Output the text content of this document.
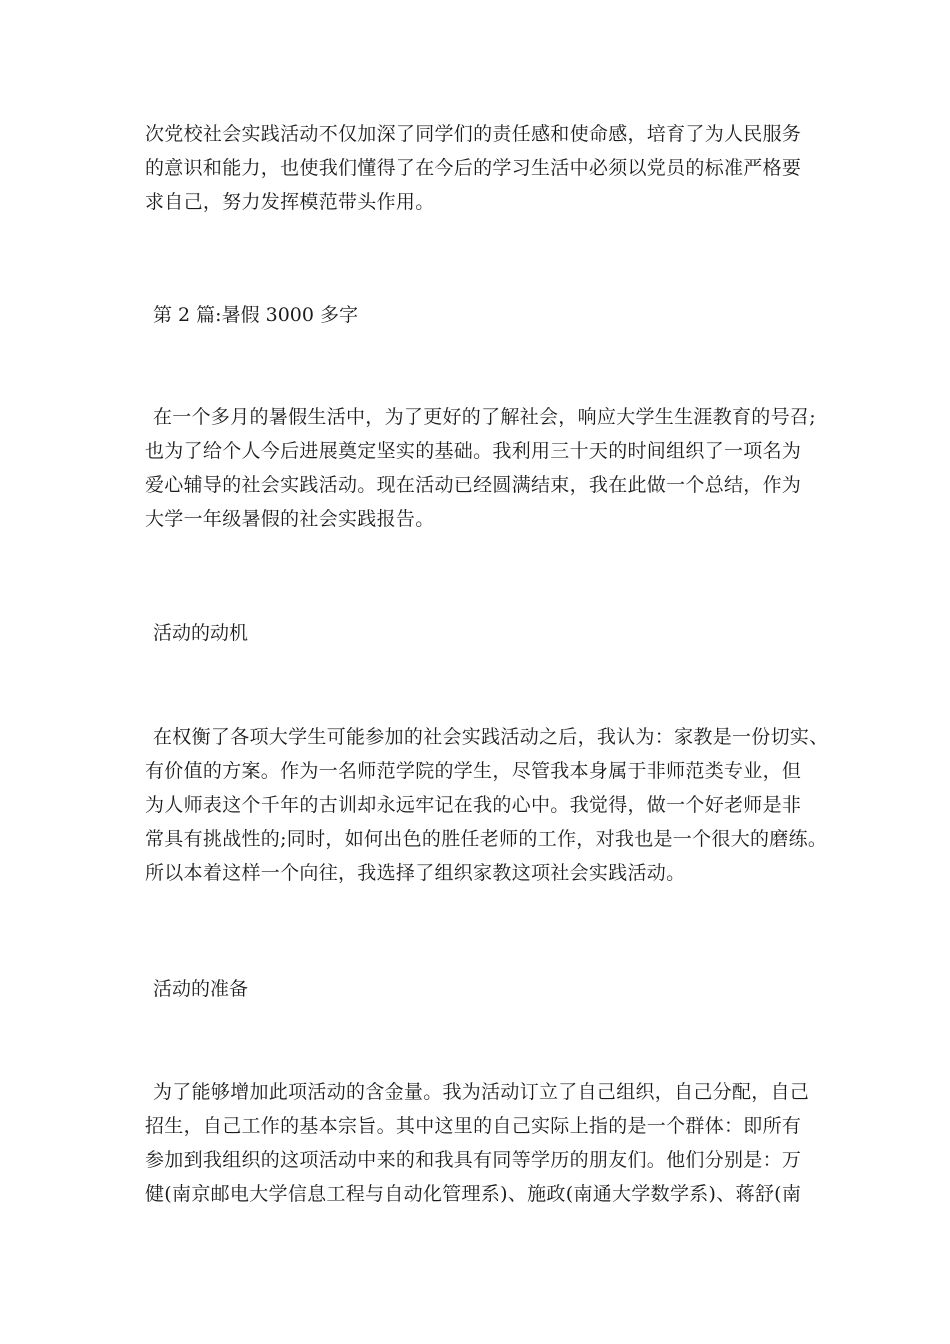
次党校社会实践活动不仅加深了同学们的责任感和使命感，培育了为人民服务
的意识和能力，也使我们懂得了在今后的学习生活中必须以党员的标准严格要
求自己，努力发挥模范带头作用。
第 2 篇:暑假 3000 多字
在一个多月的暑假生活中，为了更好的了解社会，响应大学生生涯教育的号召;
也为了给个人今后进展奠定坚实的基础。我利用三十天的时间组织了一项名为
爱心辅导的社会实践活动。现在活动已经圆满结束，我在此做一个总结，作为
大学一年级暑假的社会实践报告。
活动的动机
在权衡了各项大学生可能参加的社会实践活动之后，我认为：家教是一份切实、
有价值的方案。作为一名师范学院的学生，尽管我本身属于非师范类专业，但
为人师表这个千年的古训却永远牢记在我的心中。我觉得，做一个好老师是非
常具有挑战性的;同时，如何出色的胜任老师的工作，对我也是一个很大的磨练。
所以本着这样一个向往，我选择了组织家教这项社会实践活动。
活动的准备
为了能够增加此项活动的含金量。我为活动订立了自己组织，自己分配，自己
招生，自己工作的基本宗旨。其中这里的自己实际上指的是一个群体：即所有
参加到我组织的这项活动中来的和我具有同等学历的朋友们。他们分别是：万
健(南京邮电大学信息工程与自动化管理系)、施政(南通大学数学系)、蒋舒(南
